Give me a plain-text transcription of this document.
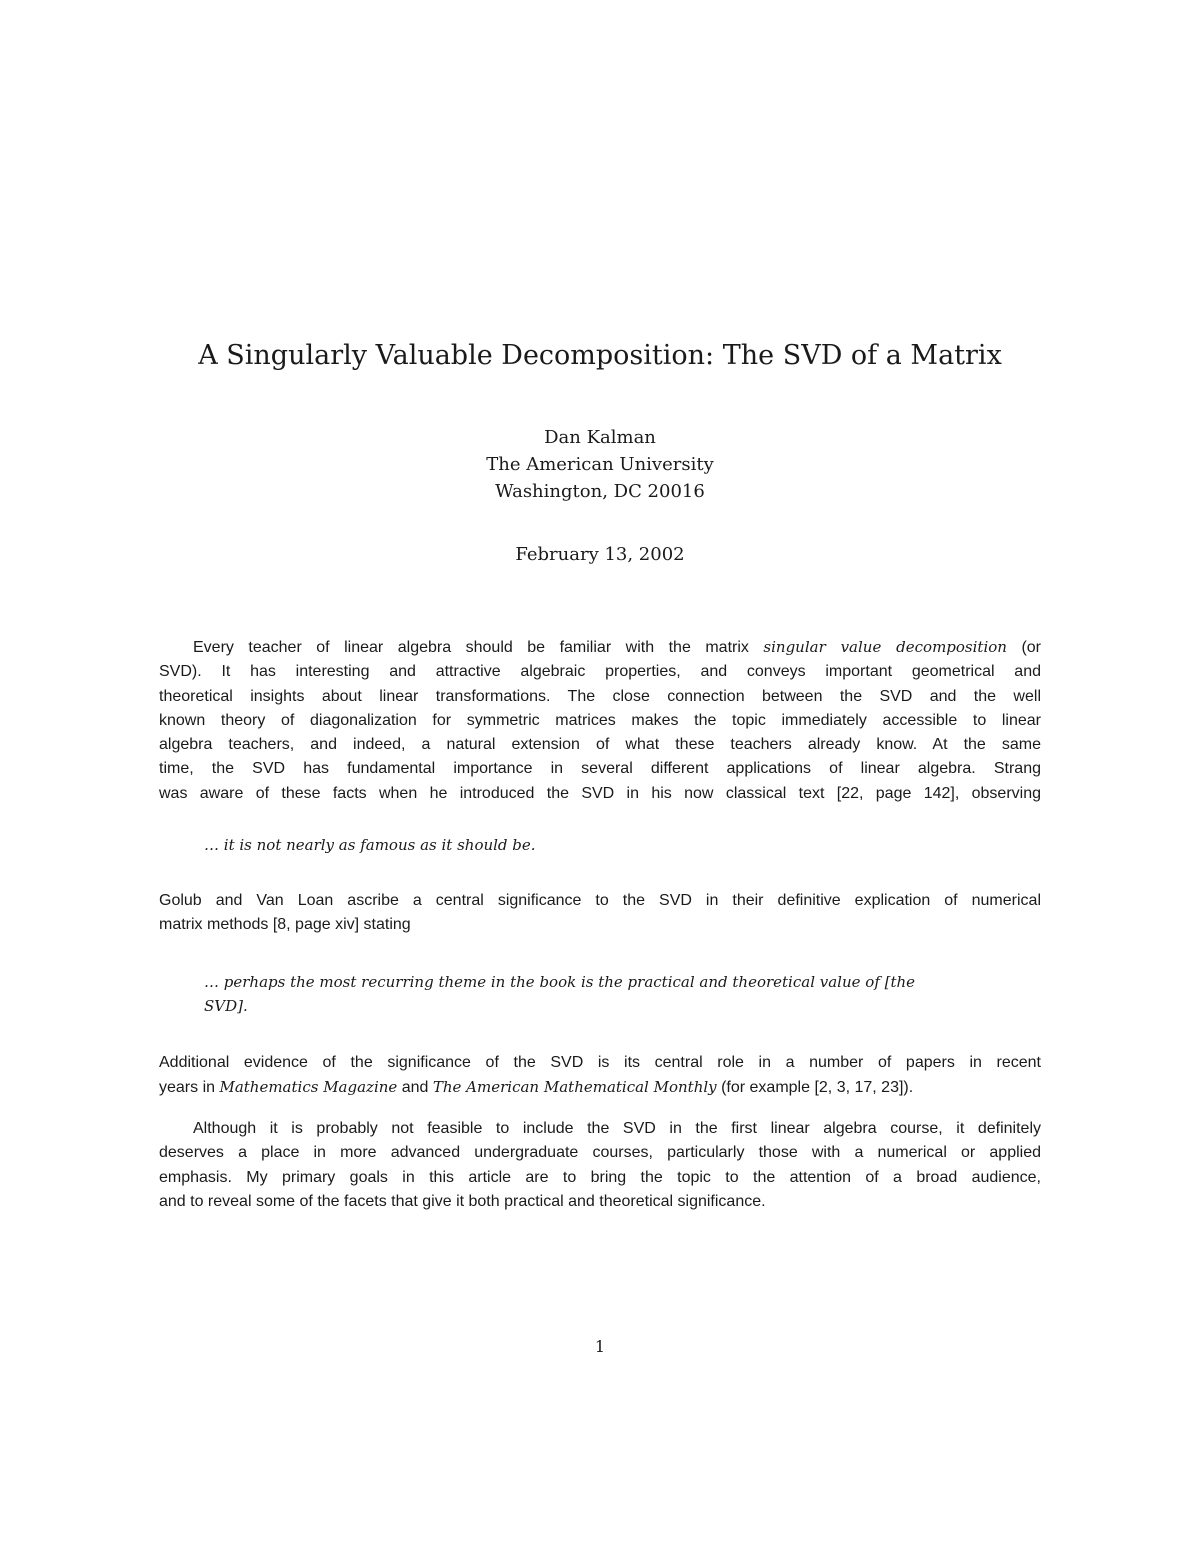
A Singularly Valuable Decomposition: The SVD of a Matrix
Dan Kalman
The American University
Washington, DC 20016
February 13, 2002

Every teacher of linear algebra should be familiar with the matrix singular value decomposition (or
SVD). It has interesting and attractive algebraic properties, and conveys important geometrical and
theoretical insights about linear transformations. The close connection between the SVD and the well
known theory of diagonalization for symmetric matrices makes the topic immediately accessible to linear
algebra teachers, and indeed, a natural extension of what these teachers already know. At the same
time, the SVD has fundamental importance in several different applications of linear algebra. Strang
was aware of these facts when he introduced the SVD in his now classical text [22, page 142], observing

… it is not nearly as famous as it should be.

Golub and Van Loan ascribe a central significance to the SVD in their definitive explication of numerical
matrix methods [8, page xiv] stating

… perhaps the most recurring theme in the book is the practical and theoretical value of [the
SVD].

Additional evidence of the significance of the SVD is its central role in a number of papers in recent
years in Mathematics Magazine and The American Mathematical Monthly (for example [2, 3, 17, 23]).

Although it is probably not feasible to include the SVD in the first linear algebra course, it definitely
deserves a place in more advanced undergraduate courses, particularly those with a numerical or applied
emphasis. My primary goals in this article are to bring the topic to the attention of a broad audience,
and to reveal some of the facets that give it both practical and theoretical significance.

1
